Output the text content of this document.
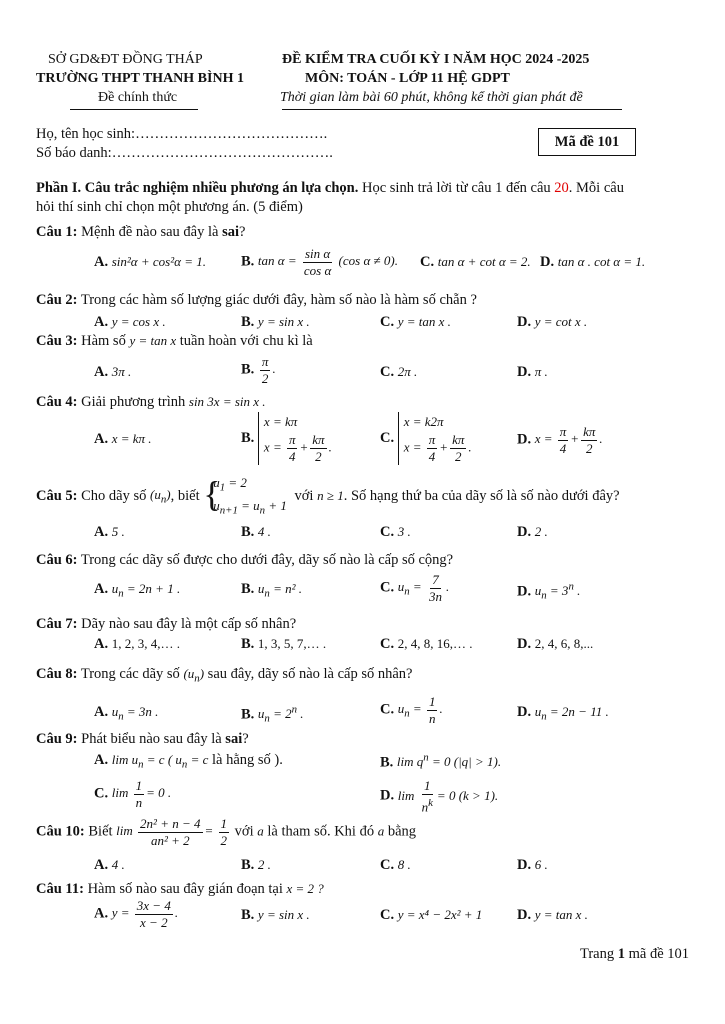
SỞ GD&ĐT ĐỒNG THÁP
TRƯỜNG THPT THANH BÌNH 1
Đề chính thức
ĐỀ KIỂM TRA CUỐI KỲ I NĂM HỌC 2024 -2025
MÔN: TOÁN - LỚP 11 HỆ GDPT
Thời gian làm bài 60 phút, không kể thời gian phát đề
Họ, tên học sinh:………………………………….
Số báo danh:……………………………………….
Mã đề 101
Phần I. Câu trắc nghiệm nhiều phương án lựa chọn. Học sinh trả lời từ câu 1 đến câu 20. Mỗi câu
hỏi thí sinh chỉ chọn một phương án. (5 điểm)
Câu 1: Mệnh đề nào sau đây là sai?
A. sin²α + cos²α = 1. B. $\tan \alpha = \frac{\text{sin α}}{\text{cos α}} (\cos$ α ≠ 0). C. tan α + cot α = 2. D. tan α . cot α = 1.
Câu 2: Trong các hàm số lượng giác dưới đây, hàm số nào là hàm số chẵn ?
A. y = cos x .	B. y = sin x .	C. y = tan x .	D. y = cot x .
Câu 3: Hàm số y = tan x tuần hoàn với chu kì là
A. 3π .	B. $\frac{\pi}{2}$ .	C. 2π .	D. π .
Câu 4: Giải phương trình sin 3x = sin x .
A. x = kπ .	B.
x = kπ
$x = \frac{\pi}{4} + \frac{k\pi}{2}$ .
C.
x = k2π
$x = \frac{\pi}{4} + \frac{k\pi}{2}$ .	D. $x = \frac{\pi}{4} + \frac{k\pi}{2}$ .
Câu 5: Cho dãy số $(u_n)$, biết
{ $u_1 = 2$
$u_{n+1} = u_n + 1$
với n ≥ 1. Số hạng thứ ba của dãy số là số nào dưới đây?
A. 5 .	B. 4 .	C. 3 .	D. 2 .
Câu 6: Trong các dãy số được cho dưới đây, dãy số nào là cấp số cộng?
A. $u_n = 2n + 1$ .	B. $u_n = n^2$ .	C. $u_n = \frac{7}{3n}$ .	D. $u_n = 3^n$ .
Câu 7: Dãy nào sau đây là một cấp số nhân?
A. 1, 2, 3, 4,… .	B. 1, 3, 5, 7,… .	C. 2, 4, 8, 16,… .	D. 2, 4, 6, 8,...
Câu 8: Trong các dãy số $(u_n)$ sau đây, dãy số nào là cấp số nhân?
A. $u_n = 3n$ .	B. $u_n = 2^n$ .	C. $u_n = \frac{1}{n}$ .	D. $u_n = 2n - 11$ .
Câu 9: Phát biểu nào sau đây là sai?
A. $\lim u_n = c$ ( $u_n = c$ là hằng số ).	B. $\lim q^n = 0$ (|q| > 1).
C. $\lim \frac{1}{n} = 0$ .	D. $\lim \frac{1}{n^k} = 0$ (k > 1).
Câu 10: Biết $\lim \frac{\text{2n² + n − 4}}{\text{an² + 2}} = \frac{1}{2}$ với a là tham số. Khi đó a bằng
A. 4 .	B. 2 .	C. 8 .	D. 6 .
Câu 11: Hàm số nào sau đây gián đoạn tại x = 2 ?
A. $y = \frac{3x - 4}{x - 2}$ .	B. y = sin x .	C. y = x⁴ − 2x² + 1 D. y = tan x .
Trang 1 mã đề 101
